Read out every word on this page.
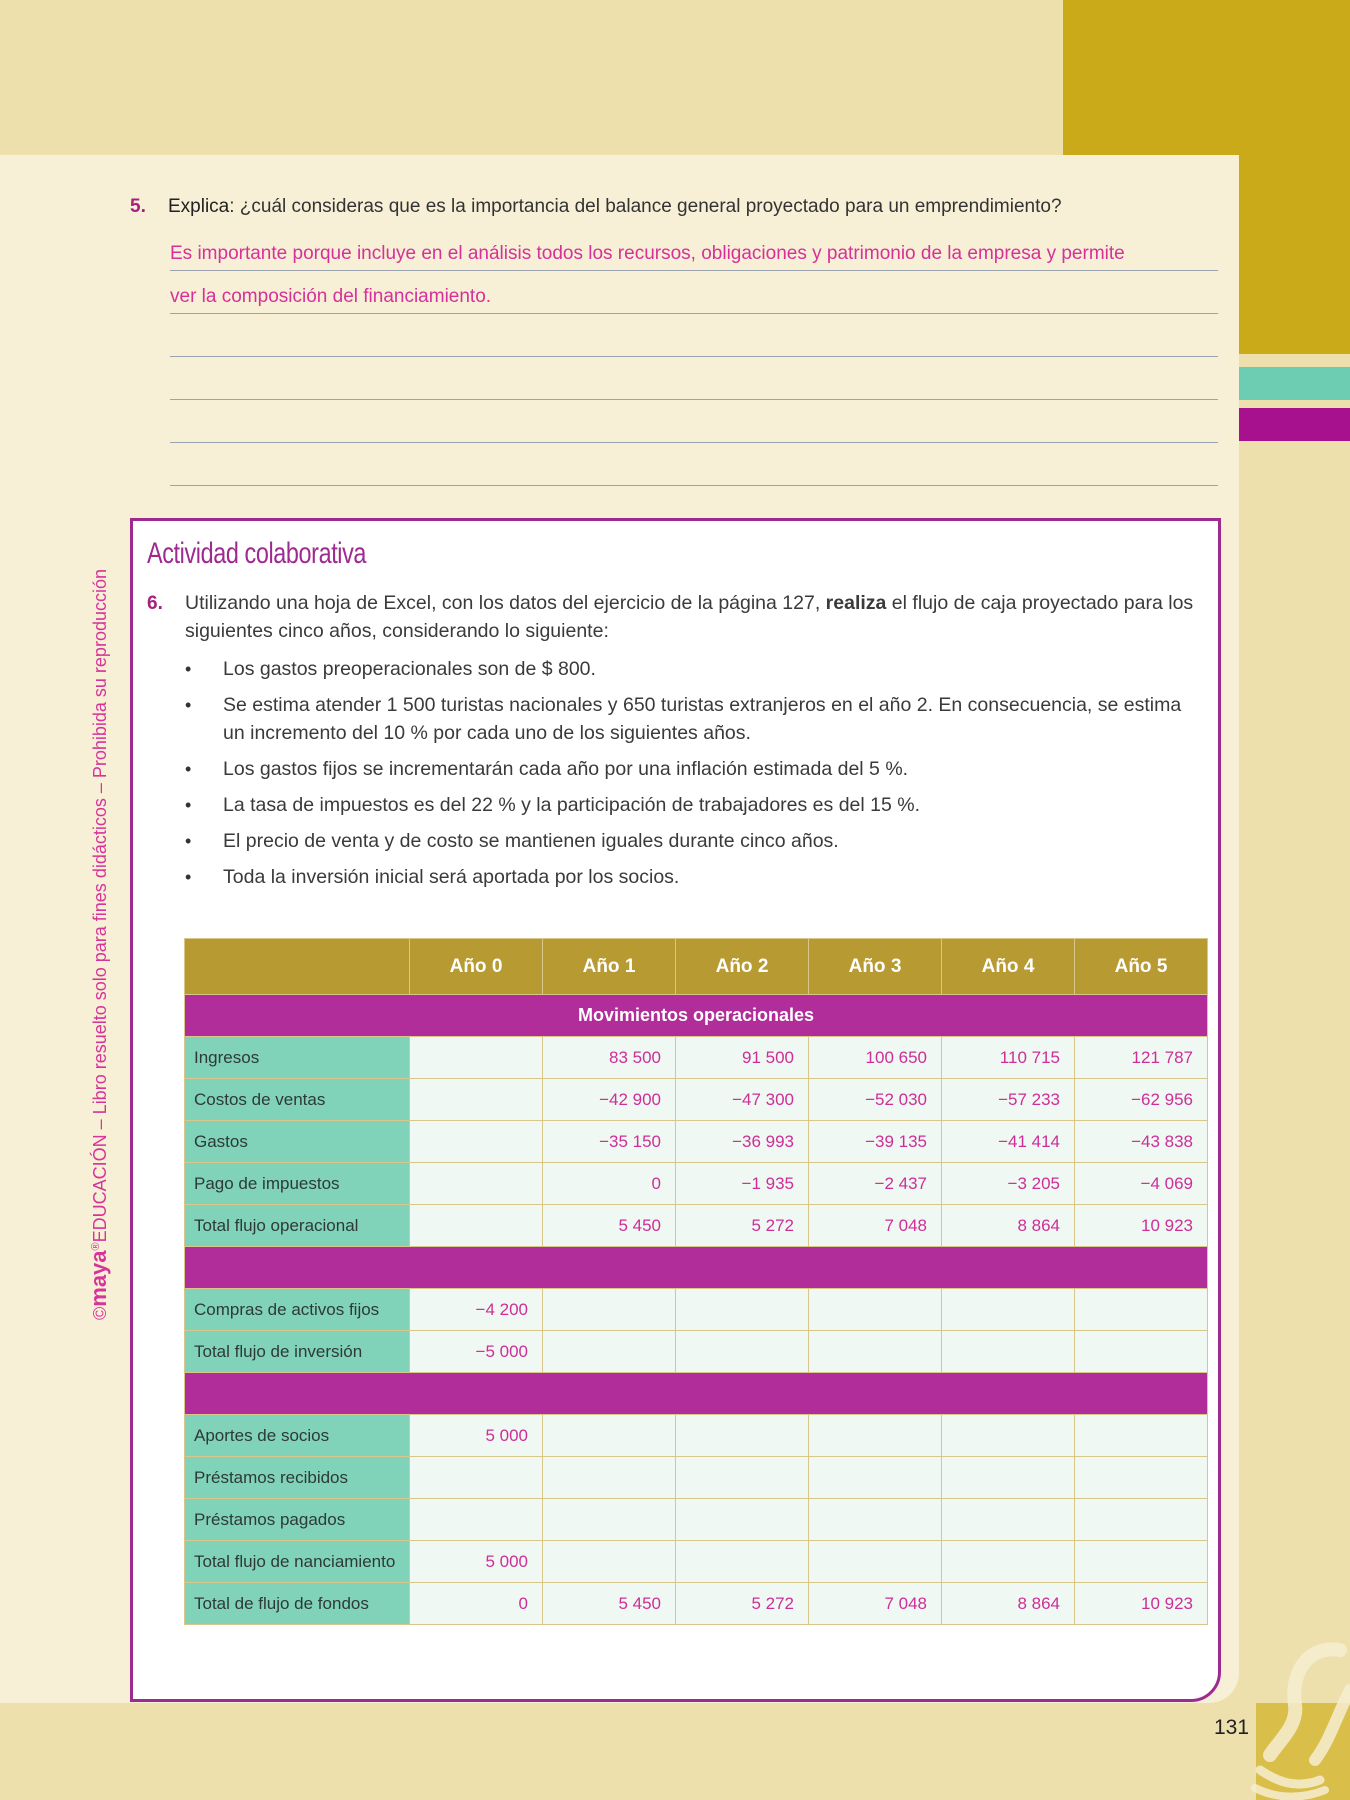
©maya®EDUCACIÓN – Libro resuelto solo para fines didácticos – Prohibida su reproducción
5. Explica: ¿cuál consideras que es la importancia del balance general proyectado para un emprendimiento?
Es importante porque incluye en el análisis todos los recursos, obligaciones y patrimonio de la empresa y permite
ver la composición del financiamiento.
Actividad colaborativa
6. Utilizando una hoja de Excel, con los datos del ejercicio de la página 127, realiza el flujo de caja proyectado para los siguientes cinco años, considerando lo siguiente:
• Los gastos preoperacionales son de $ 800.
• Se estima atender 1 500 turistas nacionales y 650 turistas extranjeros en el año 2. En consecuencia, se estima un incremento del 10 % por cada uno de los siguientes años.
• Los gastos fijos se incrementarán cada año por una inflación estimada del 5 %.
• La tasa de impuestos es del 22 % y la participación de trabajadores es del 15 %.
• El precio de venta y de costo se mantienen iguales durante cinco años.
• Toda la inversión inicial será aportada por los socios.
	Año 0	Año 1	Año 2	Año 3	Año 4	Año 5
Movimientos operacionales						
Ingresos		83 500	91 500	100 650	110 715	121 787
Costos de ventas		−42 900	−47 300	−52 030	−57 233	−62 956
Gastos		−35 150	−36 993	−39 135	−41 414	−43 838
Pago de impuestos		0	−1 935	−2 437	−3 205	−4 069
Total flujo operacional		5 450	5 272	7 048	8 864	10 923

Compras de activos fijos	−4 200					
Total flujo de inversión	−5 000					

Aportes de socios	5 000					
Préstamos recibidos						
Préstamos pagados						
Total flujo de nanciamiento	5 000					
Total de flujo de fondos	0	5 450	5 272	7 048	8 864	10 923
131
